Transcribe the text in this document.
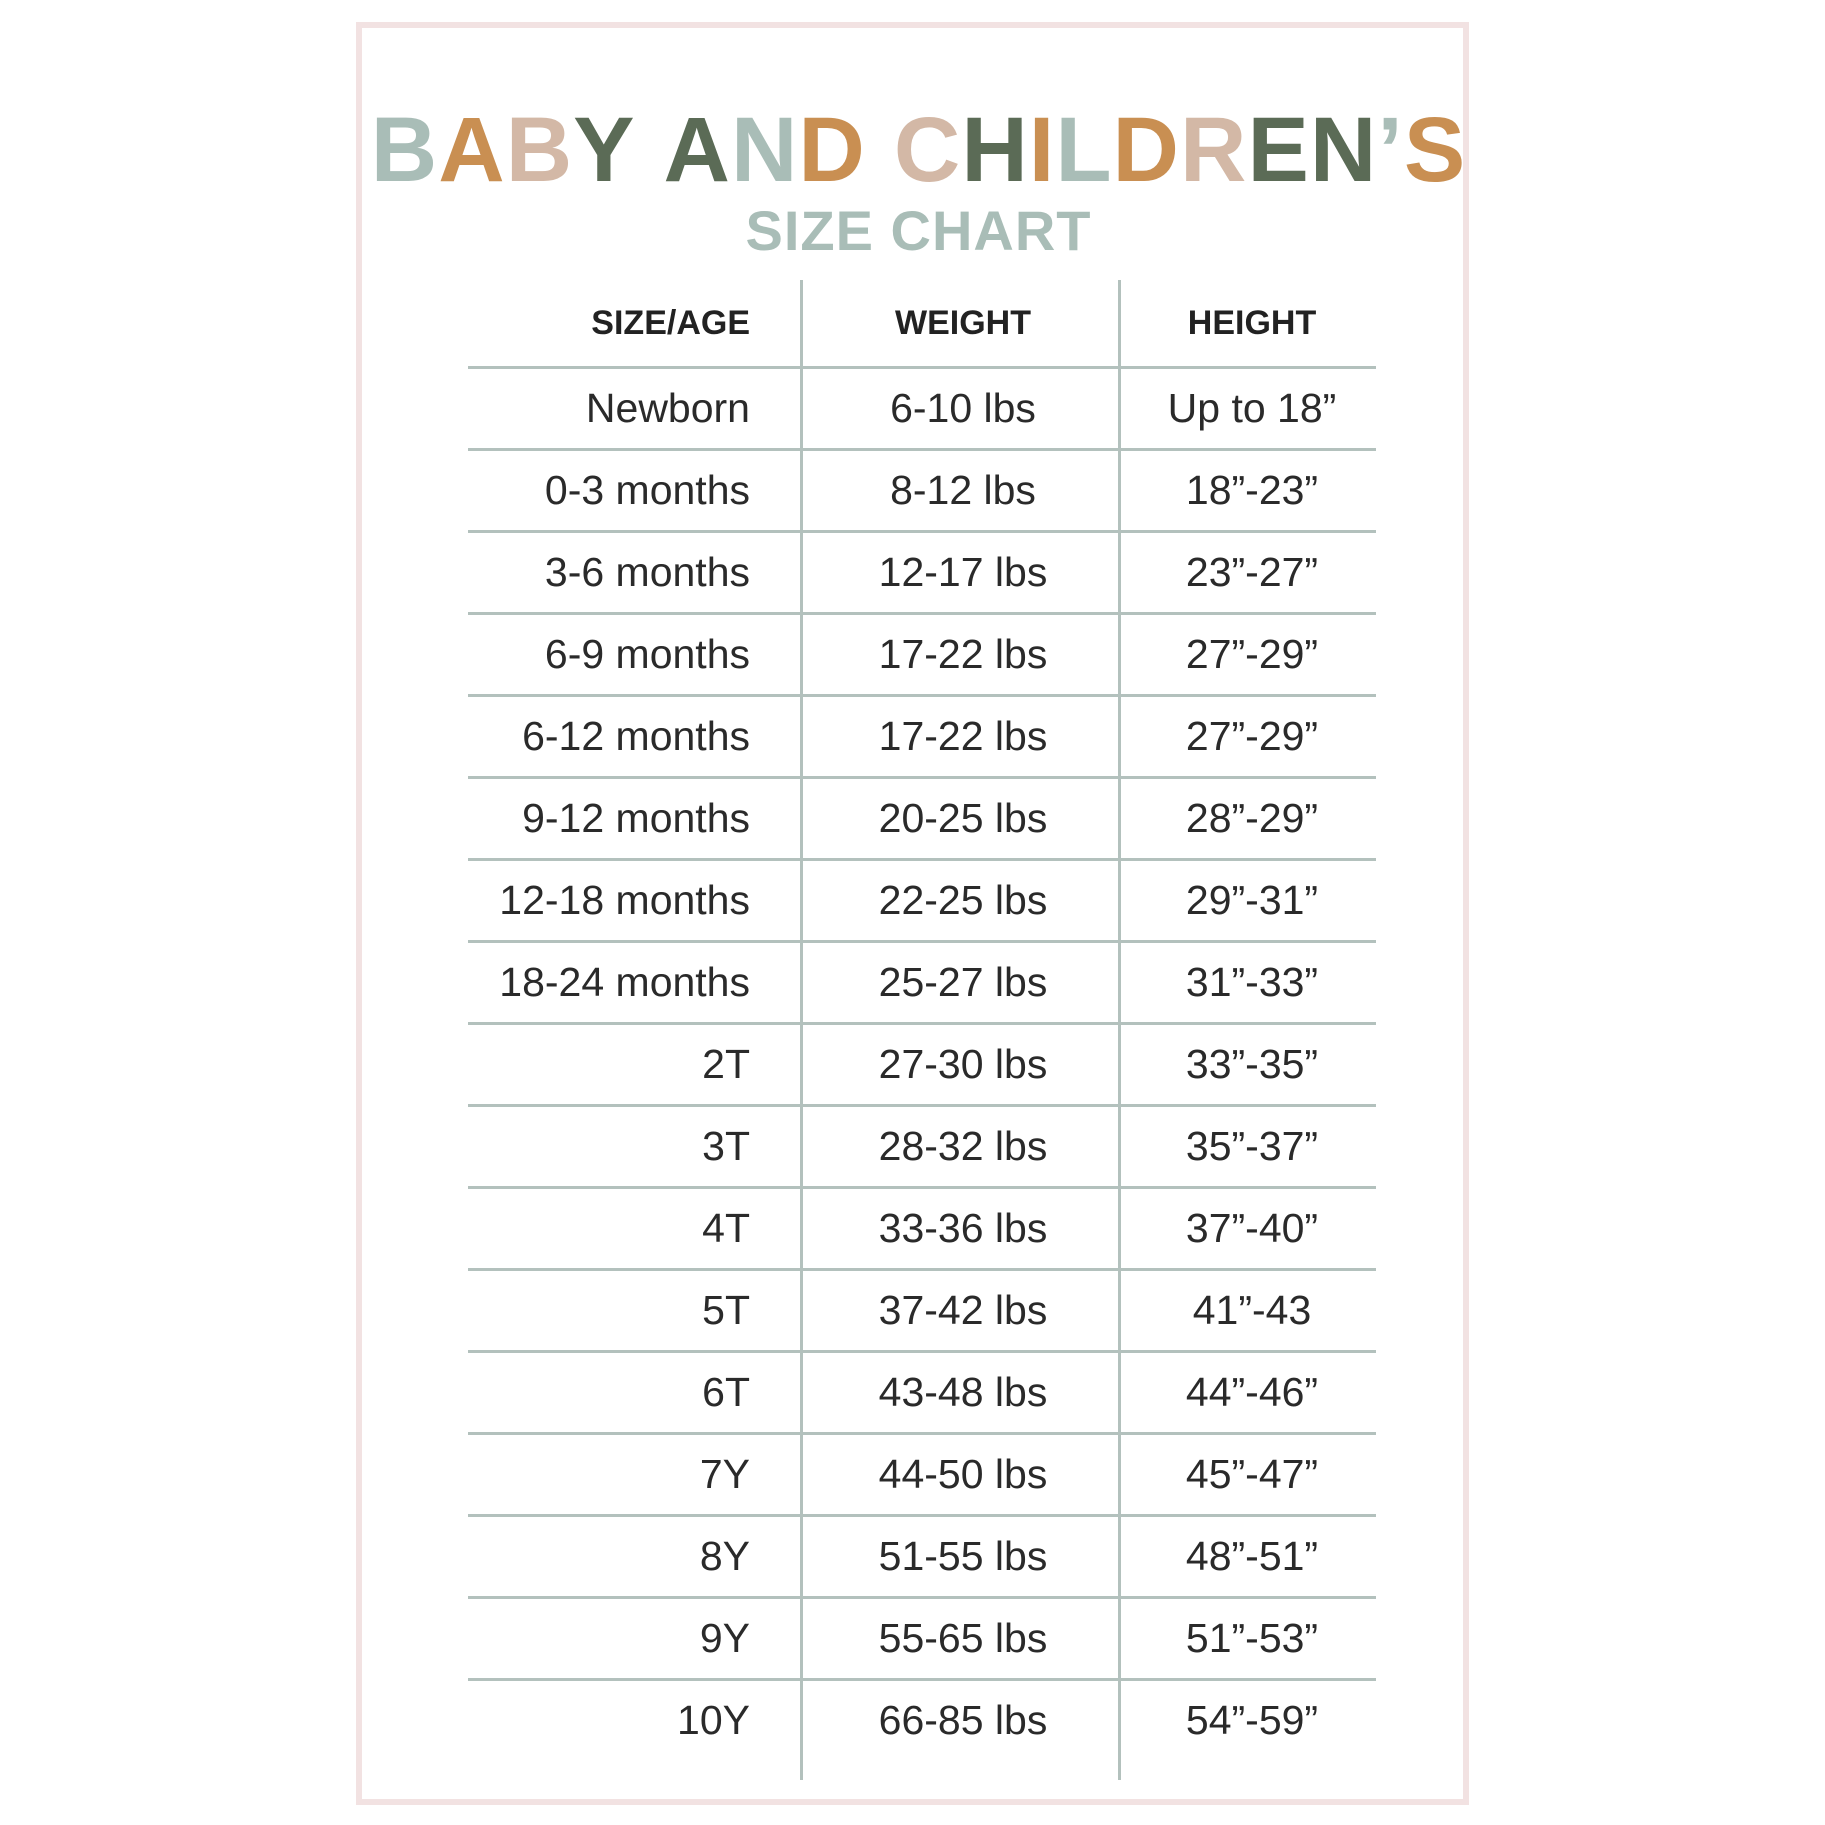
BABY AND CHILDREN’S
SIZE CHART
SIZE/AGE	WEIGHT	HEIGHT
Newborn	6-10 lbs	Up to 18”
0-3 months	8-12 lbs	18”-23”
3-6 months	12-17 lbs	23”-27”
6-9 months	17-22 lbs	27”-29”
6-12 months	17-22 lbs	27”-29”
9-12 months	20-25 lbs	28”-29”
12-18 months	22-25 lbs	29”-31”
18-24 months	25-27 lbs	31”-33”
2T	27-30 lbs	33”-35”
3T	28-32 lbs	35”-37”
4T	33-36 lbs	37”-40”
5T	37-42 lbs	41”-43
6T	43-48 lbs	44”-46”
7Y	44-50 lbs	45”-47”
8Y	51-55 lbs	48”-51”
9Y	55-65 lbs	51”-53”
10Y	66-85 lbs	54”-59”
